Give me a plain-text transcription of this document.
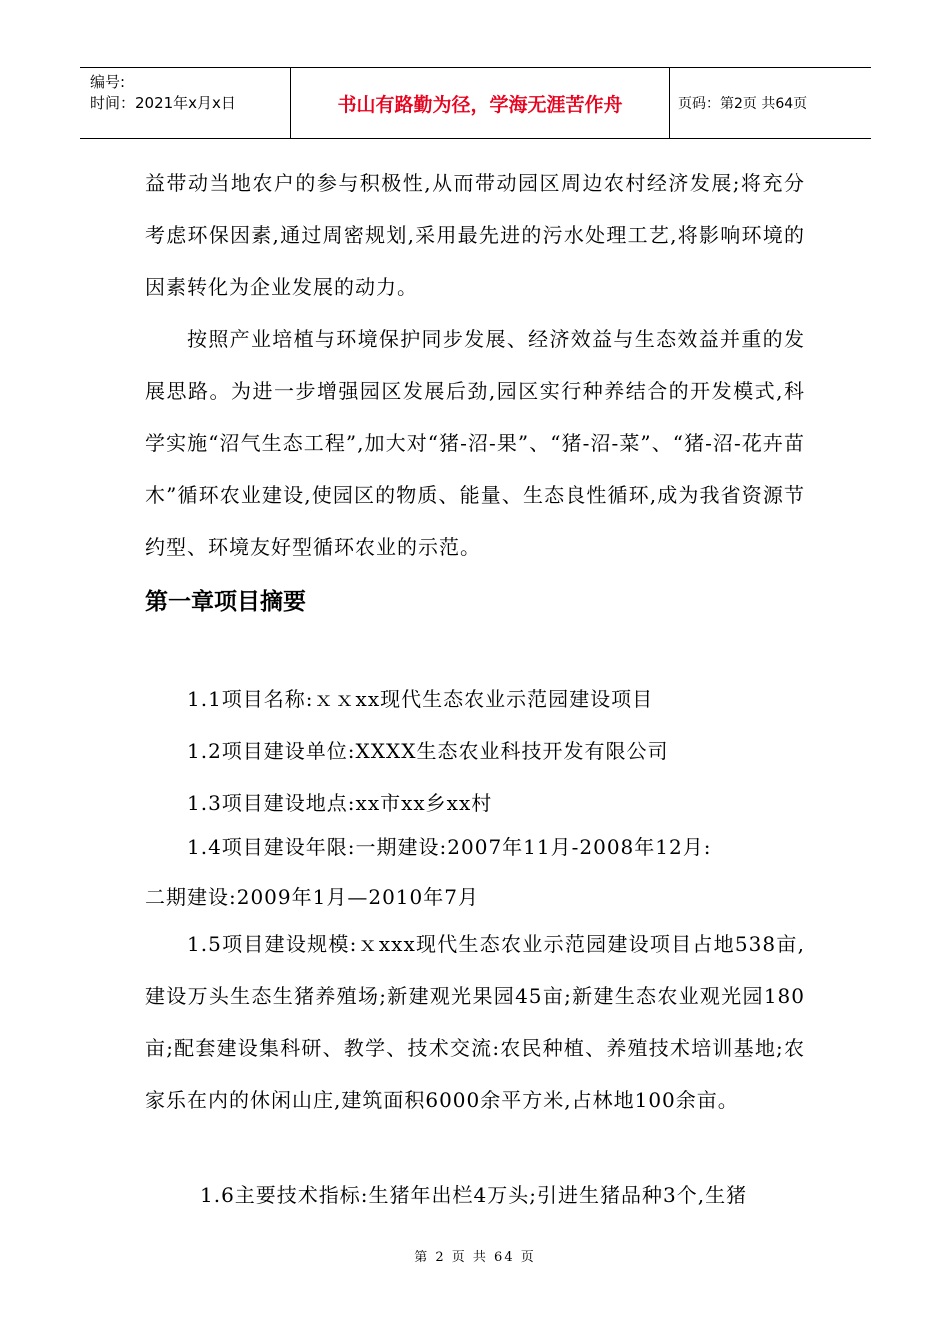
编号:
时间：2021年x月x日	书山有路勤为径，学海无涯苦作舟	页码：第2页 共64页

益带动当地农户的参与积极性,从而带动园区周边农村经济发展;将充分考虑环保因素,通过周密规划,采用最先进的污水处理工艺,将影响环境的因素转化为企业发展的动力。

按照产业培植与环境保护同步发展、经济效益与生态效益并重的发展思路。为进一步增强园区发展后劲,园区实行种养结合的开发模式,科学实施“沼气生态工程”,加大对“猪-沼-果”、“猪-沼-菜”、“猪-沼-花卉苗木”循环农业建设,使园区的物质、能量、生态良性循环,成为我省资源节约型、环境友好型循环农业的示范。

第一章项目摘要

1.1项目名称:ｘｘxx现代生态农业示范园建设项目

1.2项目建设单位:XXXX生态农业科技开发有限公司

1.3项目建设地点:xx市xx乡xx村

1.4项目建设年限:一期建设:2007年11月-2008年12月:

二期建设:2009年1月—2010年7月

1.5项目建设规模:ｘxxx现代生态农业示范园建设项目占地538亩,建设万头生态生猪养殖场;新建观光果园45亩;新建生态农业观光园180亩;配套建设集科研、教学、技术交流:农民种植、养殖技术培训基地;农家乐在内的休闲山庄,建筑面积6000余平方米,占林地100余亩。

1.6主要技术指标:生猪年出栏4万头;引进生猪品种3个,生猪

第 2 页 共 64 页
